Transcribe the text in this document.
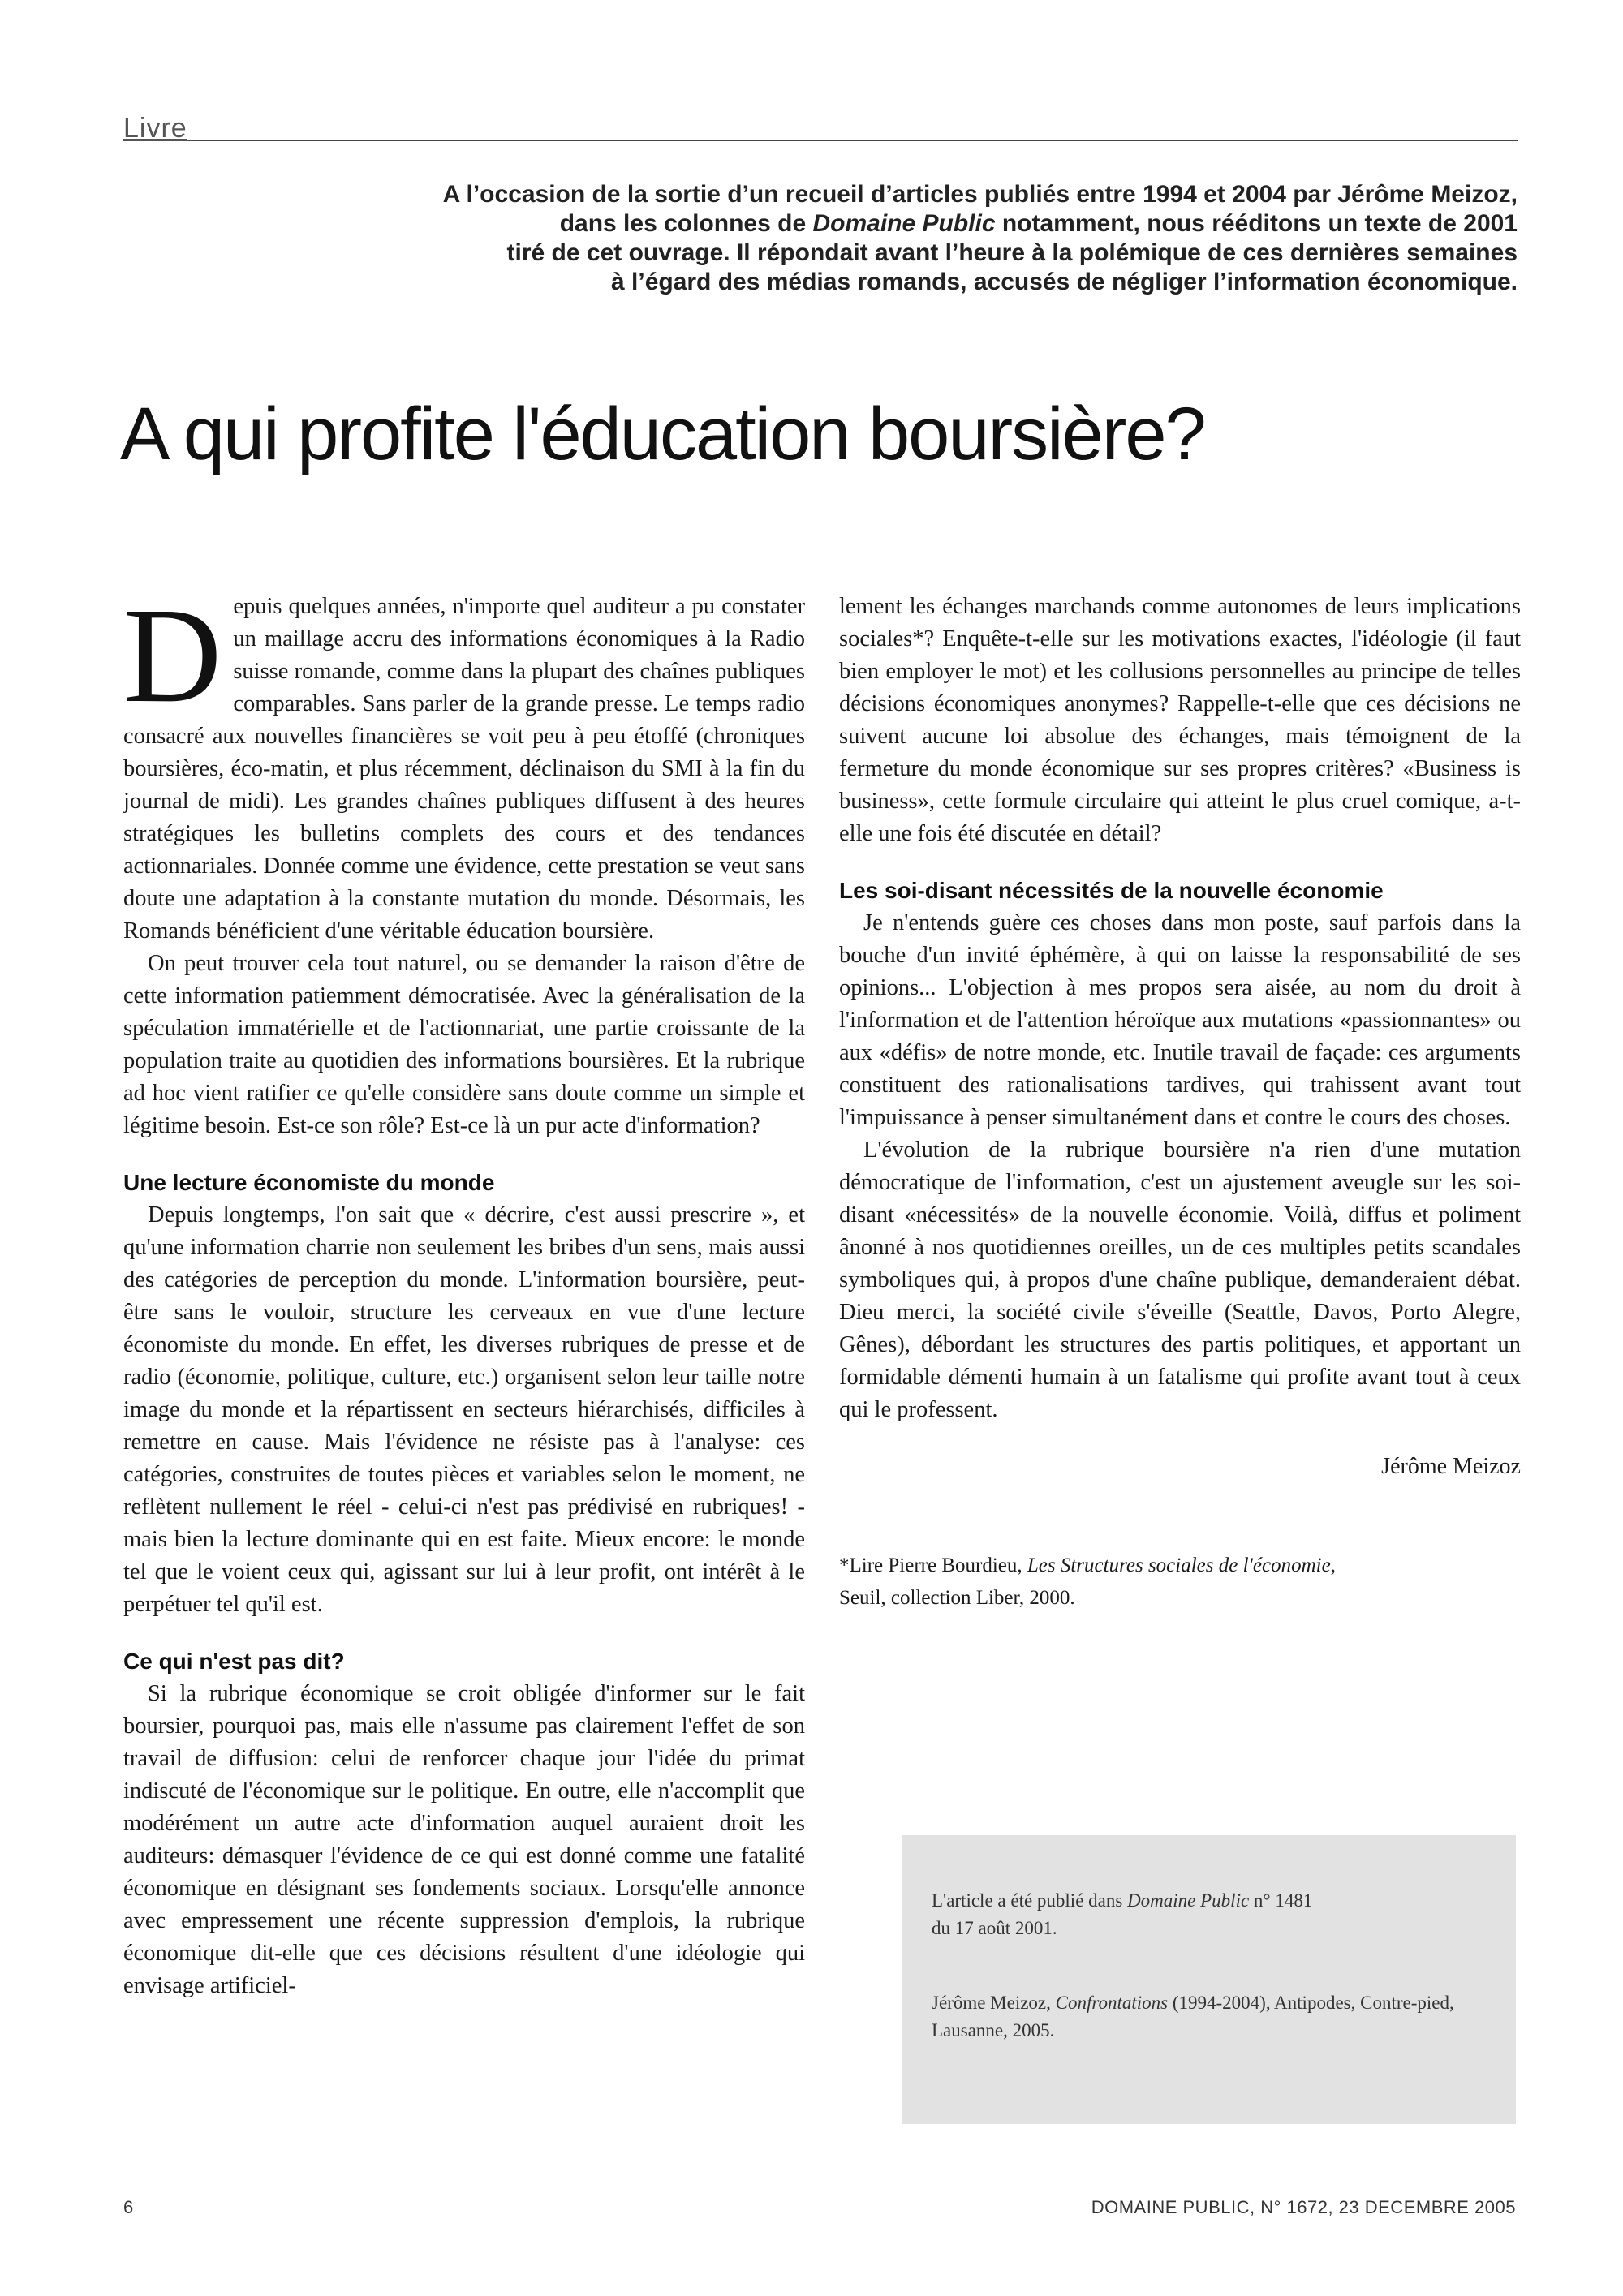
Livre
A l’occasion de la sortie d’un recueil d’articles publiés entre 1994 et 2004 par Jérôme Meizoz,
dans les colonnes de Domaine Public notamment, nous rééditons un texte de 2001
tiré de cet ouvrage. Il répondait avant l’heure à la polémique de ces dernières semaines
à l’égard des médias romands, accusés de négliger l’information économique.
A qui profite l'éducation boursière?

Depuis quelques années, n'importe quel auditeur a pu constater un maillage accru des informations économiques à la Radio suisse romande, comme dans la plupart des chaînes publiques comparables. Sans parler de la grande presse. Le temps radio consacré aux nouvelles financières se voit peu à peu étoffé (chroniques boursières, éco-matin, et plus récemment, déclinaison du SMI à la fin du journal de midi). Les grandes chaînes publiques diffusent à des heures stratégiques les bulletins complets des cours et des tendances actionnariales. Donnée comme une évidence, cette prestation se veut sans doute une adaptation à la constante mutation du monde. Désormais, les Romands bénéficient d'une véritable éducation boursière.

On peut trouver cela tout naturel, ou se demander la raison d'être de cette information patiemment démocratisée. Avec la généralisation de la spéculation immatérielle et de l'actionnariat, une partie croissante de la population traite au quotidien des informations boursières. Et la rubrique ad hoc vient ratifier ce qu'elle considère sans doute comme un simple et légitime besoin. Est-ce son rôle? Est-ce là un pur acte d'information?

Une lecture économiste du monde

Depuis longtemps, l'on sait que « décrire, c'est aussi prescrire », et qu'une information charrie non seulement les bribes d'un sens, mais aussi des catégories de perception du monde. L'information boursière, peut-être sans le vouloir, structure les cerveaux en vue d'une lecture économiste du monde. En effet, les diverses rubriques de presse et de radio (économie, politique, culture, etc.) organisent selon leur taille notre image du monde et la répartissent en secteurs hiérarchisés, difficiles à remettre en cause. Mais l'évidence ne résiste pas à l'analyse: ces catégories, construites de toutes pièces et variables selon le moment, ne reflètent nullement le réel - celui-ci n'est pas prédivisé en rubriques! - mais bien la lecture dominante qui en est faite. Mieux encore: le monde tel que le voient ceux qui, agissant sur lui à leur profit, ont intérêt à le perpétuer tel qu'il est.

Ce qui n'est pas dit?

Si la rubrique économique se croit obligée d'informer sur le fait boursier, pourquoi pas, mais elle n'assume pas clairement l'effet de son travail de diffusion: celui de renforcer chaque jour l'idée du primat indiscuté de l'économique sur le politique. En outre, elle n'accomplit que modérément un autre acte d'information auquel auraient droit les auditeurs: démasquer l'évidence de ce qui est donné comme une fatalité économique en désignant ses fondements sociaux. Lorsqu'elle annonce avec empressement une récente suppression d'emplois, la rubrique économique dit-elle que ces décisions résultent d'une idéologie qui envisage artificiel-

lement les échanges marchands comme autonomes de leurs implications sociales*? Enquête-t-elle sur les motivations exactes, l'idéologie (il faut bien employer le mot) et les collusions personnelles au principe de telles décisions économiques anonymes? Rappelle-t-elle que ces décisions ne suivent aucune loi absolue des échanges, mais témoignent de la fermeture du monde économique sur ses propres critères? «Business is business», cette formule circulaire qui atteint le plus cruel comique, a-t-elle une fois été discutée en détail?

Les soi-disant nécessités de la nouvelle économie

Je n'entends guère ces choses dans mon poste, sauf parfois dans la bouche d'un invité éphémère, à qui on laisse la responsabilité de ses opinions... L'objection à mes propos sera aisée, au nom du droit à l'information et de l'attention héroïque aux mutations «passionnantes» ou aux «défis» de notre monde, etc. Inutile travail de façade: ces arguments constituent des rationalisations tardives, qui trahissent avant tout l'impuissance à penser simultanément dans et contre le cours des choses.

L'évolution de la rubrique boursière n'a rien d'une mutation démocratique de l'information, c'est un ajustement aveugle sur les soi-disant «nécessités» de la nouvelle économie. Voilà, diffus et poliment ânonné à nos quotidiennes oreilles, un de ces multiples petits scandales symboliques qui, à propos d'une chaîne publique, demanderaient débat. Dieu merci, la société civile s'éveille (Seattle, Davos, Porto Alegre, Gênes), débordant les structures des partis politiques, et apportant un formidable démenti humain à un fatalisme qui profite avant tout à ceux qui le professent.

Jérôme Meizoz
*Lire Pierre Bourdieu, Les Structures sociales de l'économie,
Seuil, collection Liber, 2000.
L'article a été publié dans Domaine Public n° 1481
du 17 août 2001.
Jérôme Meizoz, Confrontations (1994-2004), Antipodes, Contre-pied,
Lausanne, 2005.
6	DOMAINE PUBLIC, N° 1672, 23 DECEMBRE 2005
